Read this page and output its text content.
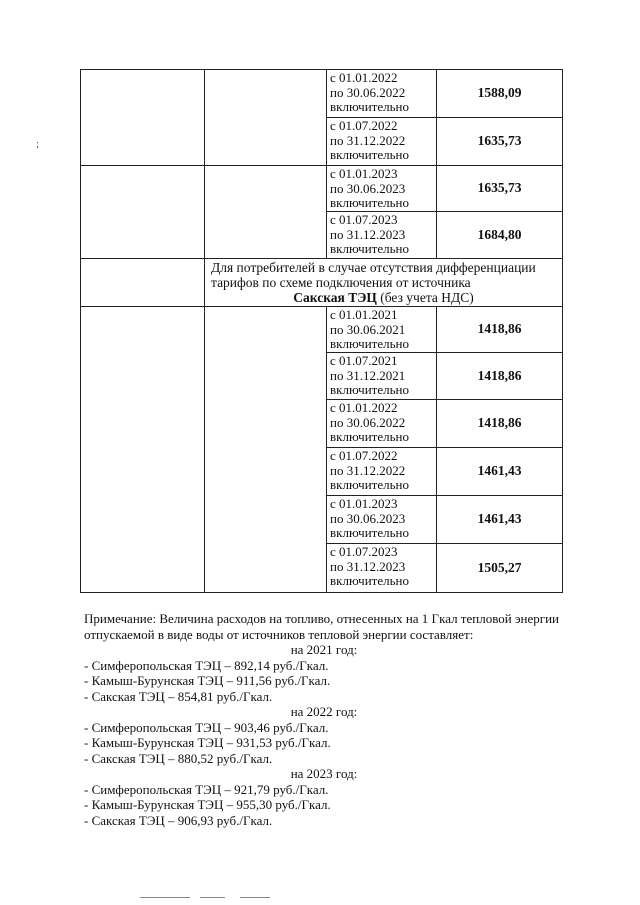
;

		с 01.01.2022
по 30.06.2022
включительно	1588,09

		с 01.07.2022
по 31.12.2022
включительно	1635,73

		с 01.01.2023
по 30.06.2023
включительно	1635,73

		с 01.07.2023
по 31.12.2023
включительно	1684,80

	Для потребителей в случае отсутствия дифференциации
тарифов по схеме подключения от источника
Сакская ТЭЦ (без учета НДС)		

		с 01.01.2021
по 30.06.2021
включительно	1418,86

		с 01.07.2021
по 31.12.2021
включительно	1418,86

		с 01.01.2022
по 30.06.2022
включительно	1418,86

		с 01.07.2022
по 31.12.2022
включительно	1461,43

		с 01.01.2023
по 30.06.2023
включительно	1461,43

		с 01.07.2023
по 31.12.2023
включительно	1505,27

Примечание: Величина расходов на топливо, отнесенных на 1 Гкал тепловой энергии

отпускаемой в виде воды от источников тепловой энергии составляет:

на 2021 год:

- Симферопольская ТЭЦ – 892,14 руб./Гкал.

- Камыш-Бурунская ТЭЦ – 911,56 руб./Гкал.

- Сакская ТЭЦ – 854,81 руб./Гкал.

на 2022 год:

- Симферопольская ТЭЦ – 903,46 руб./Гкал.

- Камыш-Бурунская ТЭЦ – 931,53 руб./Гкал.

- Сакская ТЭЦ – 880,52 руб./Гкал.

на 2023 год:

- Симферопольская ТЭЦ – 921,79 руб./Гкал.

- Камыш-Бурунская ТЭЦ – 955,30 руб./Гкал.

- Сакская ТЭЦ – 906,93 руб./Гкал.
